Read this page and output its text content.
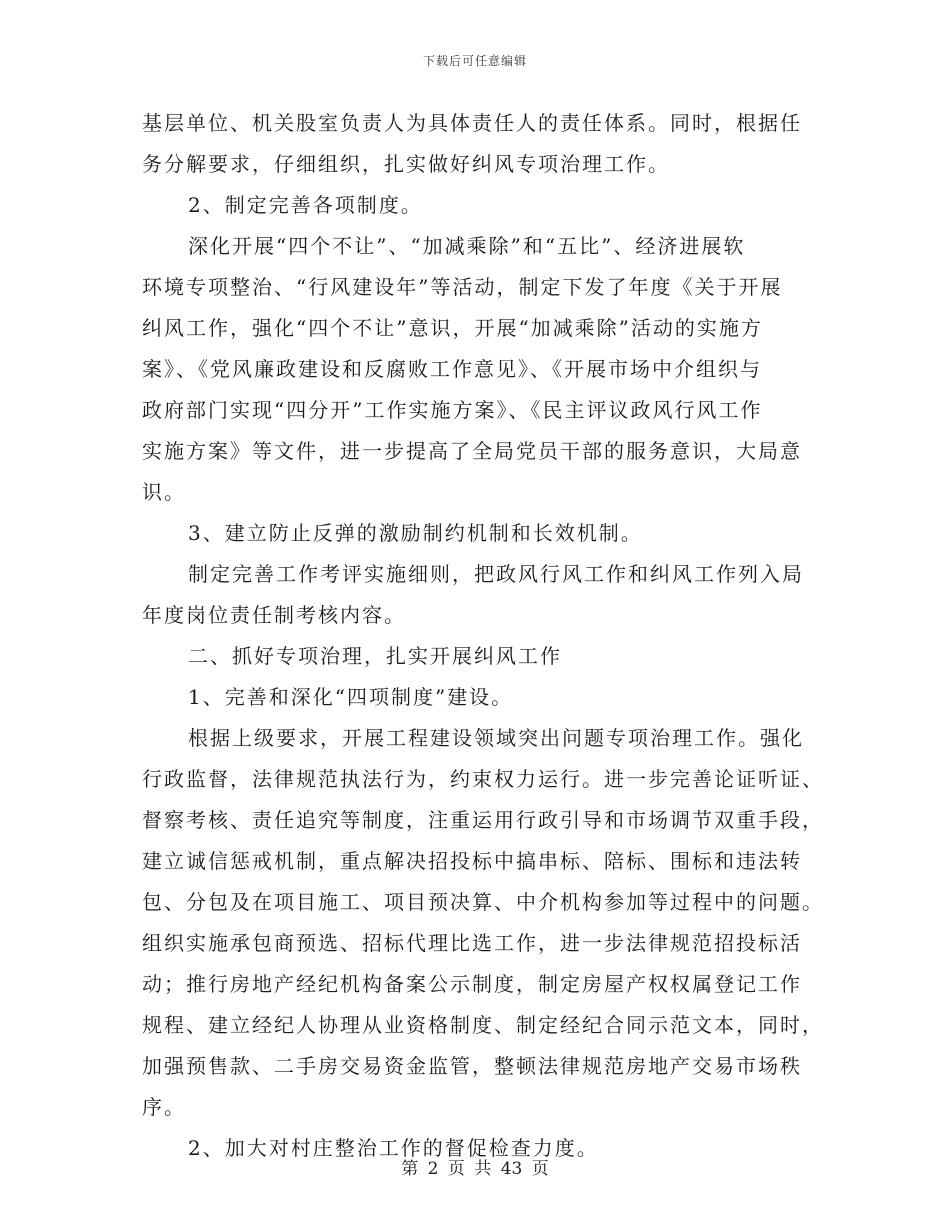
下载后可任意编辑
基层单位、机关股室负责人为具体责任人的责任体系。同时，根据任
务分解要求，仔细组织，扎实做好纠风专项治理工作。
2、制定完善各项制度。
深化开展“四个不让”、“加减乘除”和“五比”、经济进展软
环境专项整治、“行风建设年”等活动，制定下发了年度《关于开展
纠风工作，强化“四个不让”意识，开展“加减乘除”活动的实施方
案》、《党风廉政建设和反腐败工作意见》、《开展市场中介组织与
政府部门实现“四分开”工作实施方案》、《民主评议政风行风工作
实施方案》等文件，进一步提高了全局党员干部的服务意识，大局意
识。
3、建立防止反弹的激励制约机制和长效机制。
制定完善工作考评实施细则，把政风行风工作和纠风工作列入局
年度岗位责任制考核内容。
二、抓好专项治理，扎实开展纠风工作
1、完善和深化“四项制度”建设。
根据上级要求，开展工程建设领域突出问题专项治理工作。强化
行政监督，法律规范执法行为，约束权力运行。进一步完善论证听证、
督察考核、责任追究等制度，注重运用行政引导和市场调节双重手段，
建立诚信惩戒机制，重点解决招投标中搞串标、陪标、围标和违法转
包、分包及在项目施工、项目预决算、中介机构参加等过程中的问题。
组织实施承包商预选、招标代理比选工作，进一步法律规范招投标活
动；推行房地产经纪机构备案公示制度，制定房屋产权权属登记工作
规程、建立经纪人协理从业资格制度、制定经纪合同示范文本，同时，
加强预售款、二手房交易资金监管，整顿法律规范房地产交易市场秩
序。
2、加大对村庄整治工作的督促检查力度。
第 2 页 共 43 页
